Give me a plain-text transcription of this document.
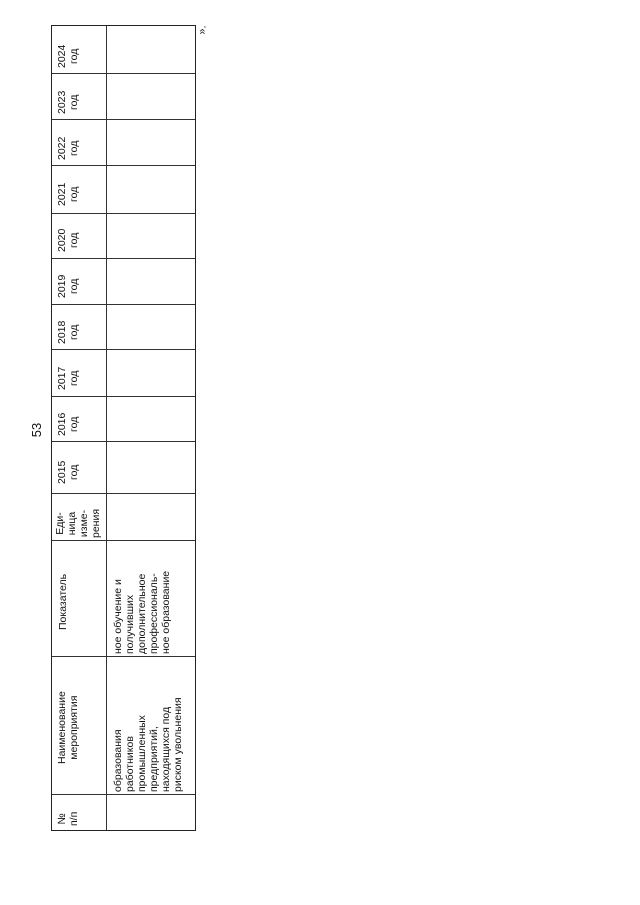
53
».
2024 год
2023 год
2022 год
2021 год
2020 год
2019 год
2018 год
2017 год
2016 год
2015 год
Еди- ница изме- рения
Показатель
Наименование мероприятия
№ п/п
образования работников промышленных предприятий, находящихся под риском увольнения
ное обучение и получивших дополнительное профессиональ- ное образование
